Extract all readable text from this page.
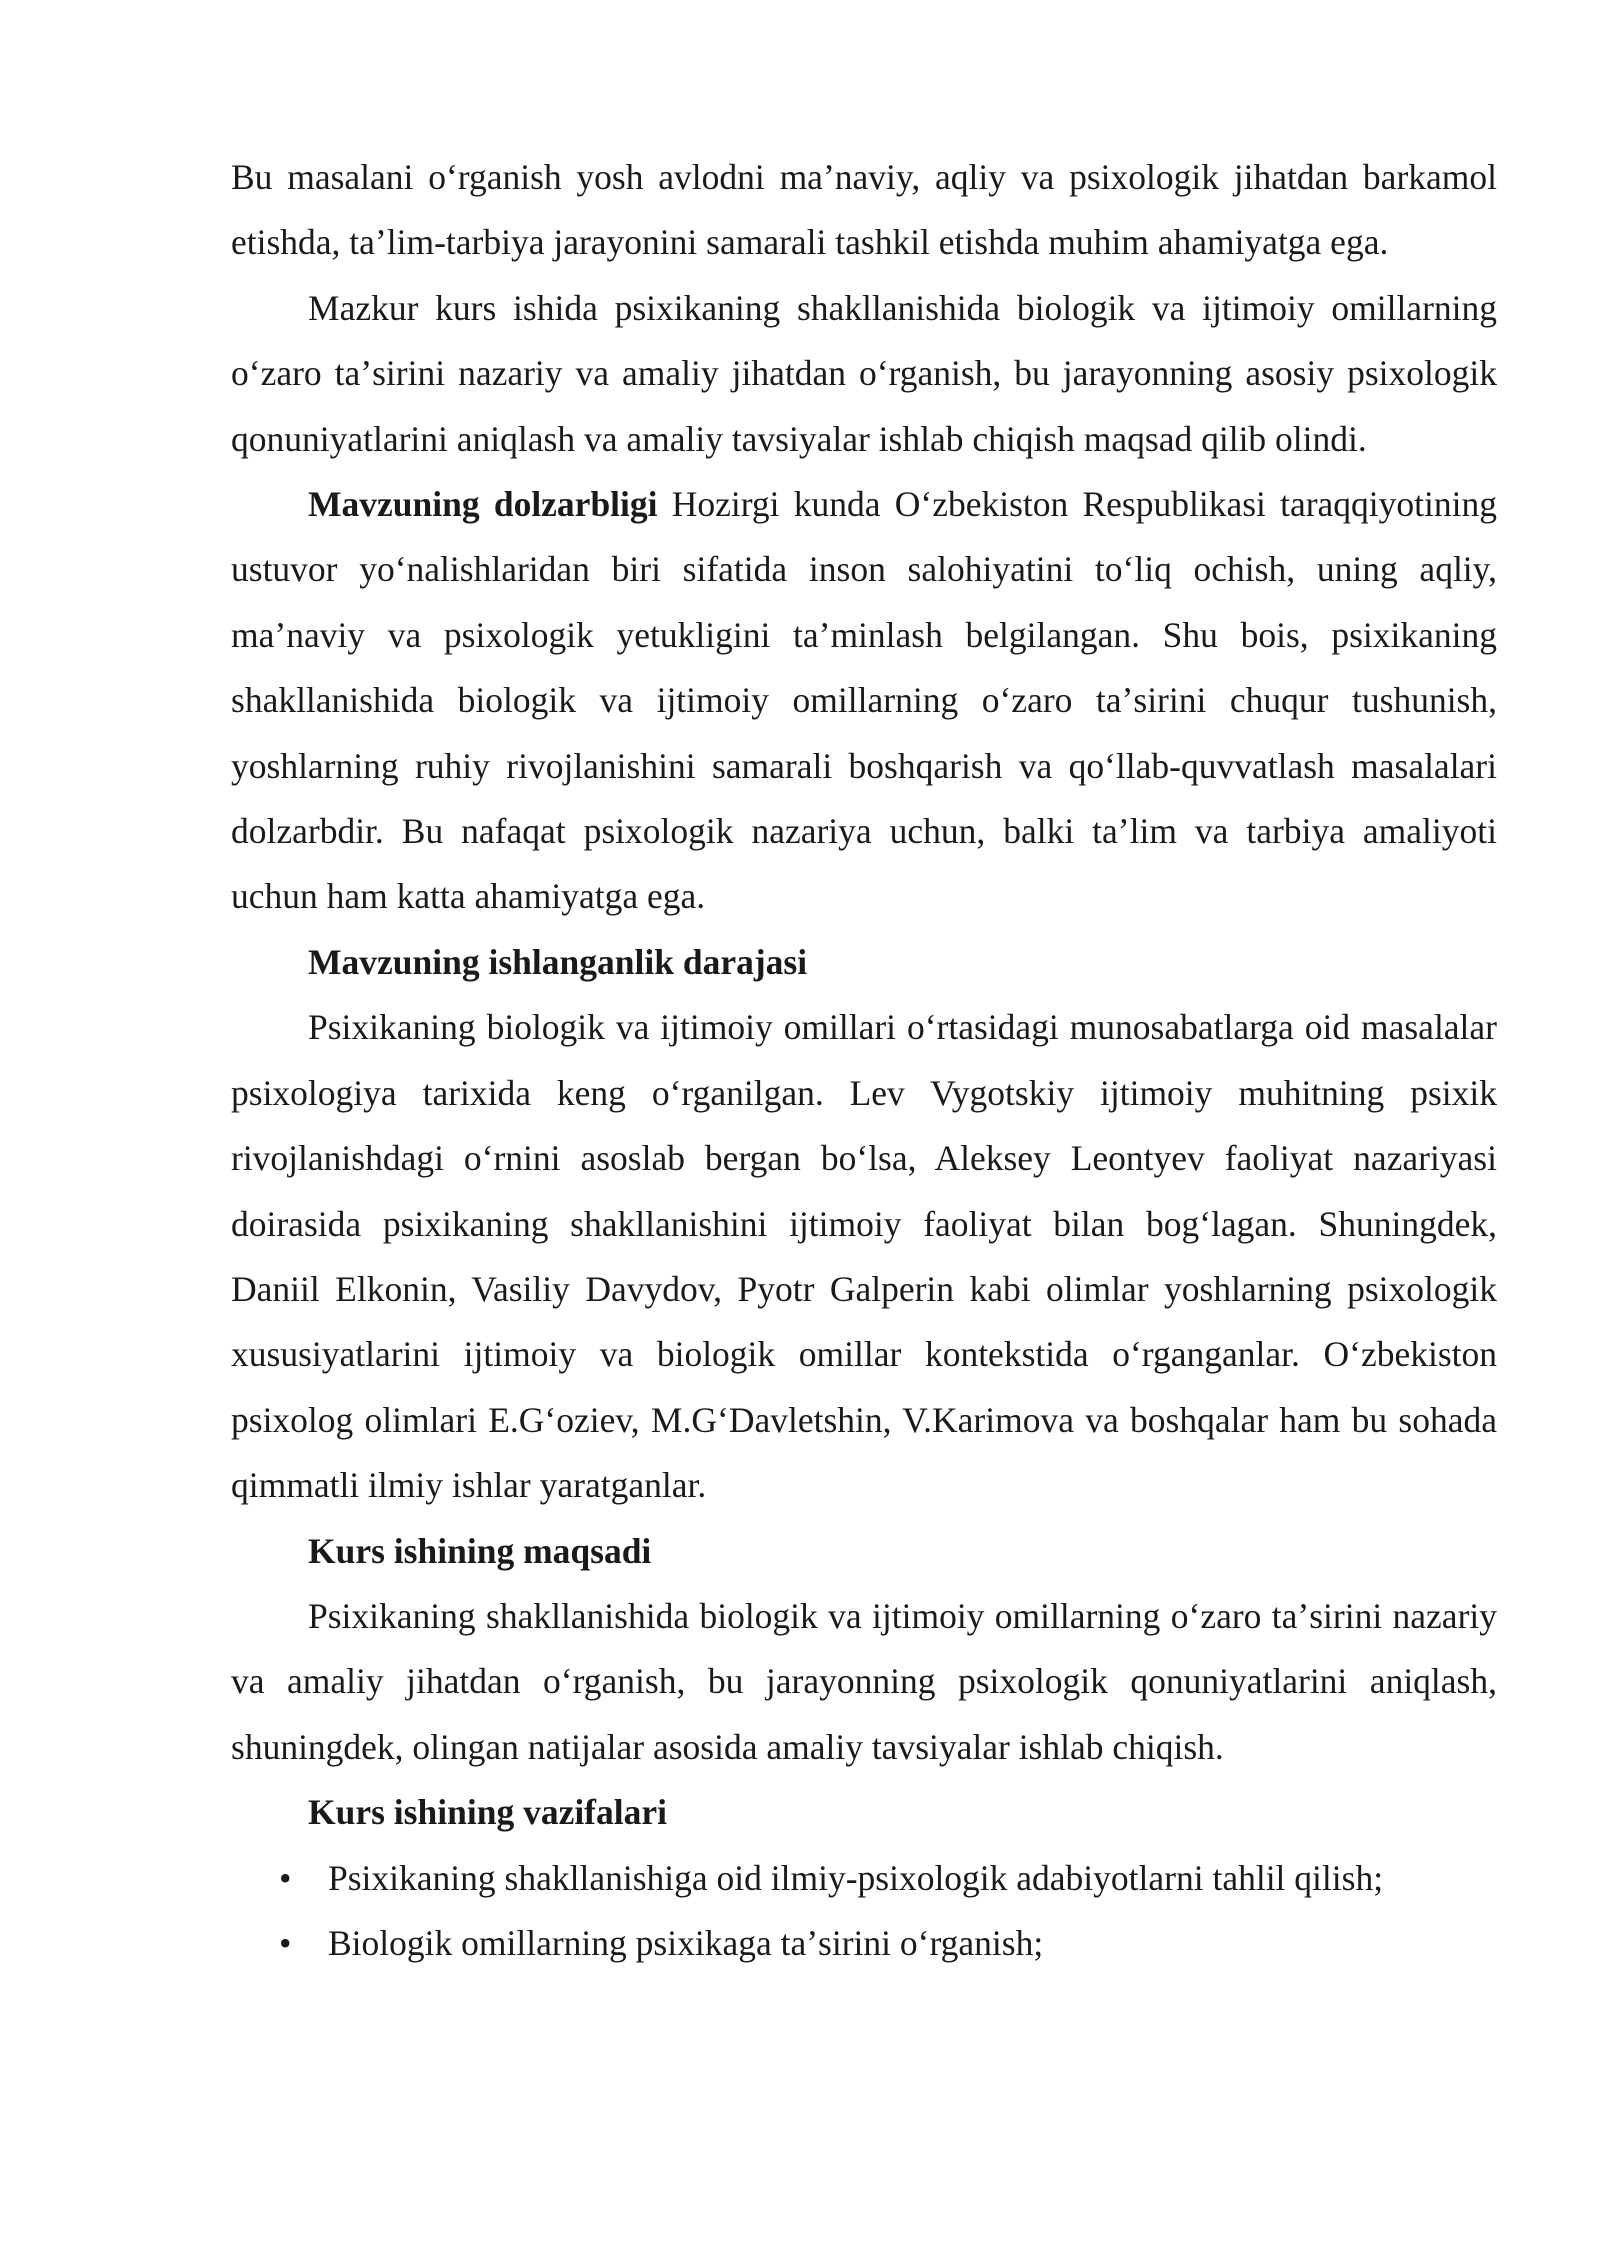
Bu masalani oʻrganish yosh avlodni maʼnaviy, aqliy va psixologik jihatdan barkamol etishda, taʼlim-tarbiya jarayonini samarali tashkil etishda muhim ahamiyatga ega.

Mazkur kurs ishida psixikaning shakllanishida biologik va ijtimoiy omillarning oʻzaro taʼsirini nazariy va amaliy jihatdan oʻrganish, bu jarayonning asosiy psixologik qonuniyatlarini aniqlash va amaliy tavsiyalar ishlab chiqish maqsad qilib olindi.

Mavzuning dolzarbligi Hozirgi kunda Oʻzbekiston Respublikasi taraqqiyotining ustuvor yoʻnalishlaridan biri sifatida inson salohiyatini toʻliq ochish, uning aqliy, maʼnaviy va psixologik yetukligini taʼminlash belgilangan. Shu bois, psixikaning shakllanishida biologik va ijtimoiy omillarning oʻzaro taʼsirini chuqur tushunish, yoshlarning ruhiy rivojlanishini samarali boshqarish va qoʻllab-quvvatlash masalalari dolzarbdir. Bu nafaqat psixologik nazariya uchun, balki taʼlim va tarbiya amaliyoti uchun ham katta ahamiyatga ega.

Mavzuning ishlanganlik darajasi

Psixikaning biologik va ijtimoiy omillari oʻrtasidagi munosabatlarga oid masalalar psixologiya tarixida keng oʻrganilgan. Lev Vygotskiy ijtimoiy muhitning psixik rivojlanishdagi oʻrnini asoslab bergan boʻlsa, Aleksey Leontyev faoliyat nazariyasi doirasida psixikaning shakllanishini ijtimoiy faoliyat bilan bogʻlagan. Shuningdek, Daniil Elkonin, Vasiliy Davydov, Pyotr Galperin kabi olimlar yoshlarning psixologik xususiyatlarini ijtimoiy va biologik omillar kontekstida oʻrganganlar. Oʻzbekiston psixolog olimlari E.Gʻoziev, M.GʻDavletshin, V.Karimova va boshqalar ham bu sohada qimmatli ilmiy ishlar yaratganlar.

Kurs ishining maqsadi

Psixikaning shakllanishida biologik va ijtimoiy omillarning oʻzaro taʼsirini nazariy va amaliy jihatdan oʻrganish, bu jarayonning psixologik qonuniyatlarini aniqlash, shuningdek, olingan natijalar asosida amaliy tavsiyalar ishlab chiqish.

Kurs ishining vazifalari

• Psixikaning shakllanishiga oid ilmiy-psixologik adabiyotlarni tahlil qilish;
• Biologik omillarning psixikaga taʼsirini oʻrganish;
